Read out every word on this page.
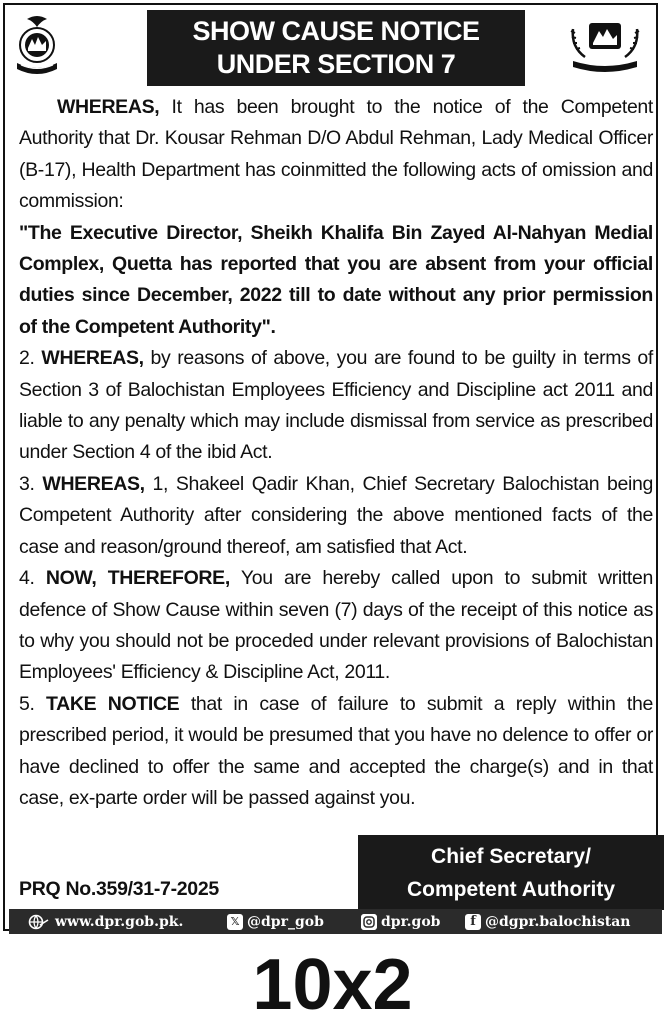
SHOW CAUSE NOTICE
UNDER SECTION 7

WHEREAS, It has been brought to the notice of the Competent Authority that Dr. Kousar Rehman D/O Abdul Rehman, Lady Medical Officer (B-17), Health Department has coinmitted the following acts of omission and commission:

"The Executive Director, Sheikh Khalifa Bin Zayed Al-Nahyan Medial Complex, Quetta has reported that you are absent from your official duties since December, 2022 till to date without any prior permission of the Competent Authority".

2. WHEREAS, by reasons of above, you are found to be guilty in terms of Section 3 of Balochistan Employees Efficiency and Discipline act 2011 and liable to any penalty which may include dismissal from service as prescribed under Section 4 of the ibid Act.

3. WHEREAS, 1, Shakeel Qadir Khan, Chief Secretary Balochistan being Competent Authority after considering the above mentioned facts of the case and reason/ground thereof, am satisfied that Act.

4. NOW, THEREFORE, You are hereby called upon to submit written defence of Show Cause within seven (7) days of the receipt of this notice as to why you should not be proceded under relevant provisions of Balochistan Employees' Efficiency & Discipline Act, 2011.

5. TAKE NOTICE that in case of failure to submit a reply within the prescribed period, it would be presumed that you have no delence to offer or have declined to offer the same and accepted the charge(s) and in that case, ex-parte order will be passed against you.

Chief Secretary/
Competent Authority
PRQ No.359/31-7-2025
www.dpr.gob.pk.	𝕏 @dpr_gob	dpr.gob	f @dgpr.balochistan
10x2
